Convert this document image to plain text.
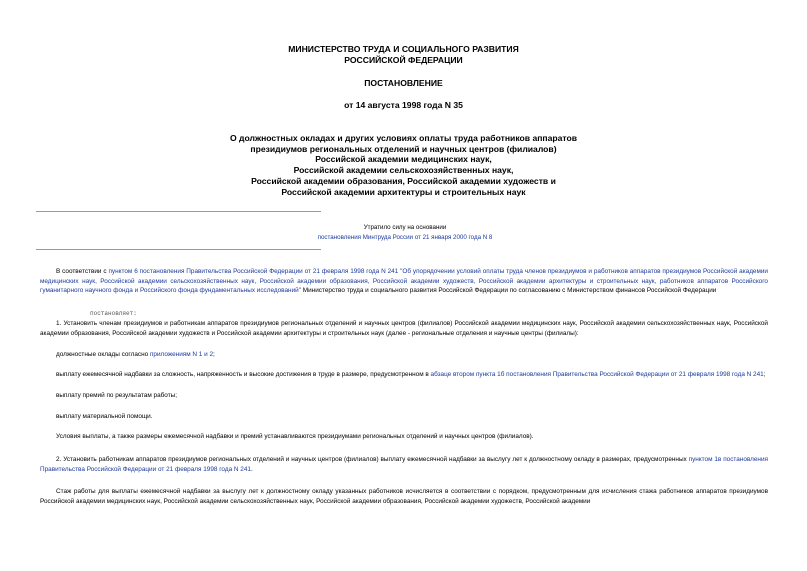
МИНИСТЕРСТВО ТРУДА И СОЦИАЛЬНОГО РАЗВИТИЯ
РОССИЙСКОЙ ФЕДЕРАЦИИ
ПОСТАНОВЛЕНИЕ
от 14 августа 1998 года N 35
О должностных окладах и других условиях оплаты труда работников аппаратов
президиумов региональных отделений и научных центров (филиалов)
Российской академии медицинских наук,
Российской академии сельскохозяйственных наук,
Российской академии образования, Российской академии художеств и
Российской академии архитектуры и строительных наук
Утратило силу на основании
постановления Минтруда России от 21 января 2000 года N 8

В соответствии с пунктом 6 постановления Правительства Российской Федерации от 21 февраля 1998 года N 241 "Об упорядочении условий оплаты труда членов президиумов и работников аппаратов президиумов Российской академии медицинских наук, Российской академии сельскохозяйственных наук, Российской академии образования, Российской академии художеств, Российской академии архитектуры и строительных наук, работников аппаратов Российского гуманитарного научного фонда и Российского фонда фундаментальных исследований" Министерство труда и социального развития Российской Федерации по согласованию с Министерством финансов Российской Федерации

постановляет:

1. Установить членам президиумов и работникам аппаратов президиумов региональных отделений и научных центров (филиалов) Российской академии медицинских наук, Российской академии сельскохозяйственных наук, Российской академии образования, Российской академии художеств и Российской академии архитектуры и строительных наук (далее - региональные отделения и научные центры (филиалы):

должностные оклады согласно приложениям N 1 и 2;

выплату ежемесячной надбавки за сложность, напряженность и высокие достижения в труде в размере, предусмотренном в абзаце втором пункта 1б постановления Правительства Российской Федерации от 21 февраля 1998 года N 241;

выплату премий по результатам работы;

выплату материальной помощи.

Условия выплаты, а также размеры ежемесячной надбавки и премий устанавливаются президиумами региональных отделений и научных центров (филиалов).

2. Установить работникам аппаратов президиумов региональных отделений и научных центров (филиалов) выплату ежемесячной надбавки за выслугу лет к должностному окладу в размерах, предусмотренных пунктом 1в постановления Правительства Российской Федерации от 21 февраля 1998 года N 241.

Стаж работы для выплаты ежемесячной надбавки за выслугу лет к должностному окладу указанных работников исчисляется в соответствии с порядком, предусмотренным для исчисления стажа работников аппаратов президиумов Российской академии медицинских наук, Российской академии сельскохозяйственных наук, Российской академии образования, Российской академии художеств, Российской академии
